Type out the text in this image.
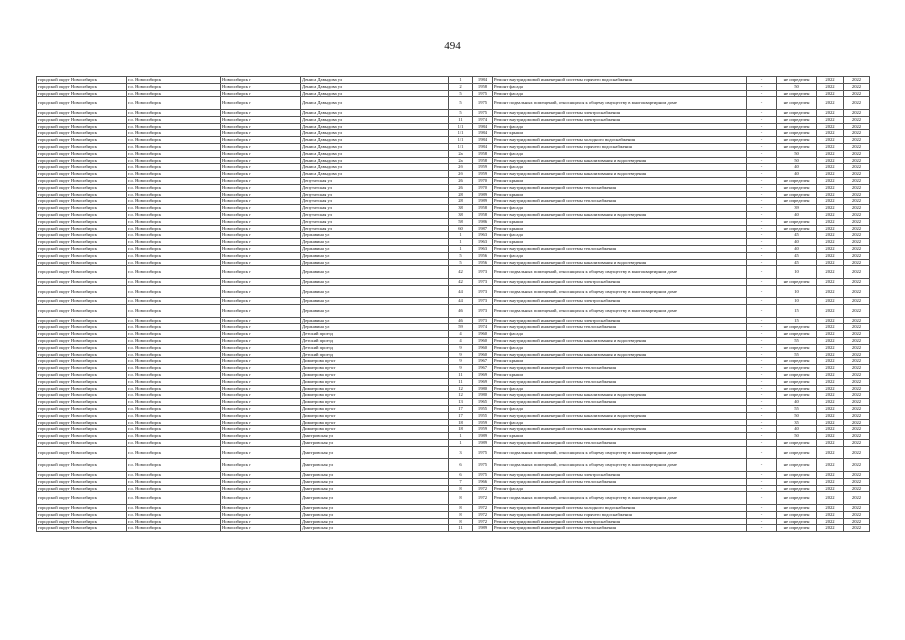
494
городской округ Новосибирск	г.о. Новосибирск	Новосибирск г	Дениса Давыдова ул	1	1984	Ремонт внутридомовой инженерной системы горячего водоснабжения	-	не определен	2022	2022
городской округ Новосибирск	г.о. Новосибирск	Новосибирск г	Дениса Давыдова ул	2	1958	Ремонт фасада	-	50	2022	2022
городской округ Новосибирск	г.о. Новосибирск	Новосибирск г	Дениса Давыдова ул	5	1975	Ремонт фасада	-	не определен	2022	2022
городской округ Новосибирск	г.о. Новосибирск	Новосибирск г	Дениса Давыдова ул	5	1975	Ремонт подвальных помещений, относящихся к общему имуществу в многоквартирном доме	-	не определен	2022	2022
городской округ Новосибирск	г.о. Новосибирск	Новосибирск г	Дениса Давыдова ул	5	1975	Ремонт внутридомовой инженерной системы электроснабжения	-	не определен	2022	2022
городской округ Новосибирск	г.о. Новосибирск	Новосибирск г	Дениса Давыдова ул	11	1974	Ремонт внутридомовой инженерной системы электроснабжения	-	не определен	2022	2022
городской округ Новосибирск	г.о. Новосибирск	Новосибирск г	Дениса Давыдова ул	1/1	1984	Ремонт фасада	-	не определен	2022	2022
городской округ Новосибирск	г.о. Новосибирск	Новосибирск г	Дениса Давыдова ул	1/1	1984	Ремонт крыши	-	не определен	2022	2022
городской округ Новосибирск	г.о. Новосибирск	Новосибирск г	Дениса Давыдова ул	1/1	1984	Ремонт внутридомовой инженерной системы холодного водоснабжения	-	не определен	2022	2022
городской округ Новосибирск	г.о. Новосибирск	Новосибирск г	Дениса Давыдова ул	1/1	1984	Ремонт внутридомовой инженерной системы горячего водоснабжения	-	не определен	2022	2022
городской округ Новосибирск	г.о. Новосибирск	Новосибирск г	Дениса Давыдова ул	2а	1958	Ремонт фасада	-	50	2022	2022
городской округ Новосибирск	г.о. Новосибирск	Новосибирск г	Дениса Давыдова ул	2а	1958	Ремонт внутридомовой инженерной системы канализования и водоотведения	-	50	2022	2022
городской округ Новосибирск	г.о. Новосибирск	Новосибирск г	Дениса Давыдова ул	2б	1959	Ремонт фасада	-	40	2022	2022
городской округ Новосибирск	г.о. Новосибирск	Новосибирск г	Дениса Давыдова ул	2б	1959	Ремонт внутридомовой инженерной системы канализования и водоотведения	-	40	2022	2022
городской округ Новосибирск	г.о. Новосибирск	Новосибирск г	Депутатская ул	26	1970	Ремонт крыши	-	не определен	2022	2022
городской округ Новосибирск	г.о. Новосибирск	Новосибирск г	Депутатская ул	26	1970	Ремонт внутридомовой инженерной системы теплоснабжения	-	не определен	2022	2022
городской округ Новосибирск	г.о. Новосибирск	Новосибирск г	Депутатская ул	28	1989	Ремонт крыши	-	не определен	2022	2022
городской округ Новосибирск	г.о. Новосибирск	Новосибирск г	Депутатская ул	28	1989	Ремонт внутридомовой инженерной системы теплоснабжения	-	не определен	2022	2022
городской округ Новосибирск	г.о. Новосибирск	Новосибирск г	Депутатская ул	38	1958	Ремонт фасада	-	39	2022	2022
городской округ Новосибирск	г.о. Новосибирск	Новосибирск г	Депутатская ул	38	1958	Ремонт внутридомовой инженерной системы канализования и водоотведения	-	40	2022	2022
городской округ Новосибирск	г.о. Новосибирск	Новосибирск г	Депутатская ул	58	1986	Ремонт крыши	-	не определен	2022	2022
городской округ Новосибирск	г.о. Новосибирск	Новосибирск г	Депутатская ул	60	1987	Ремонт крыши	-	не определен	2022	2022
городской округ Новосибирск	г.о. Новосибирск	Новосибирск г	Державина ул	1	1963	Ремонт фасада	-	45	2022	2022
городской округ Новосибирск	г.о. Новосибирск	Новосибирск г	Державина ул	1	1963	Ремонт крыши	-	40	2022	2022
городской округ Новосибирск	г.о. Новосибирск	Новосибирск г	Державина ул	1	1963	Ремонт внутридомовой инженерной системы теплоснабжения	-	40	2022	2022
городской округ Новосибирск	г.о. Новосибирск	Новосибирск г	Державина ул	5	1956	Ремонт фасада	-	45	2022	2022
городской округ Новосибирск	г.о. Новосибирск	Новосибирск г	Державина ул	5	1956	Ремонт внутридомовой инженерной системы канализования и водоотведения	-	45	2022	2022
городской округ Новосибирск	г.о. Новосибирск	Новосибирск г	Державина ул	42	1973	Ремонт подвальных помещений, относящихся к общему имуществу в многоквартирном доме	-	10	2022	2022
городской округ Новосибирск	г.о. Новосибирск	Новосибирск г	Державина ул	42	1973	Ремонт внутридомовой инженерной системы электроснабжения	-	не определен	2022	2022
городской округ Новосибирск	г.о. Новосибирск	Новосибирск г	Державина ул	44	1973	Ремонт подвальных помещений, относящихся к общему имуществу в многоквартирном доме	-	10	2022	2022
городской округ Новосибирск	г.о. Новосибирск	Новосибирск г	Державина ул	44	1973	Ремонт внутридомовой инженерной системы электроснабжения	-	10	2022	2022
городской округ Новосибирск	г.о. Новосибирск	Новосибирск г	Державина ул	46	1973	Ремонт подвальных помещений, относящихся к общему имуществу в многоквартирном доме	-	15	2022	2022
городской округ Новосибирск	г.о. Новосибирск	Новосибирск г	Державина ул	46	1973	Ремонт внутридомовой инженерной системы электроснабжения	-	15	2022	2022
городской округ Новосибирск	г.о. Новосибирск	Новосибирск г	Державина ул	59	1974	Ремонт внутридомовой инженерной системы теплоснабжения	-	не определен	2022	2022
городской округ Новосибирск	г.о. Новосибирск	Новосибирск г	Детский проезд	4	1960	Ремонт фасада	-	не определен	2022	2022
городской округ Новосибирск	г.о. Новосибирск	Новосибирск г	Детский проезд	4	1960	Ремонт внутридомовой инженерной системы канализования и водоотведения	-	55	2022	2022
городской округ Новосибирск	г.о. Новосибирск	Новосибирск г	Детский проезд	9	1960	Ремонт фасада	-	не определен	2022	2022
городской округ Новосибирск	г.о. Новосибирск	Новосибирск г	Детский проезд	9	1960	Ремонт внутридомовой инженерной системы канализования и водоотведения	-	55	2022	2022
городской округ Новосибирск	г.о. Новосибирск	Новосибирск г	Димитрова пр-кт	9	1967	Ремонт крыши	-	не определен	2022	2022
городской округ Новосибирск	г.о. Новосибирск	Новосибирск г	Димитрова пр-кт	9	1967	Ремонт внутридомовой инженерной системы теплоснабжения	-	не определен	2022	2022
городской округ Новосибирск	г.о. Новосибирск	Новосибирск г	Димитрова пр-кт	11	1969	Ремонт крыши	-	не определен	2022	2022
городской округ Новосибирск	г.о. Новосибирск	Новосибирск г	Димитрова пр-кт	11	1969	Ремонт внутридомовой инженерной системы теплоснабжения	-	не определен	2022	2022
городской округ Новосибирск	г.о. Новосибирск	Новосибирск г	Димитрова пр-кт	12	1980	Ремонт фасада	-	не определен	2022	2022
городской округ Новосибирск	г.о. Новосибирск	Новосибирск г	Димитрова пр-кт	12	1980	Ремонт внутридомовой инженерной системы канализования и водоотведения	-	не определен	2022	2022
городской округ Новосибирск	г.о. Новосибирск	Новосибирск г	Димитрова пр-кт	13	1965	Ремонт внутридомовой инженерной системы теплоснабжения	-	40	2022	2022
городской округ Новосибирск	г.о. Новосибирск	Новосибирск г	Димитрова пр-кт	17	1955	Ремонт фасада	-	55	2022	2022
городской округ Новосибирск	г.о. Новосибирск	Новосибирск г	Димитрова пр-кт	17	1955	Ремонт внутридомовой инженерной системы канализования и водоотведения	-	50	2022	2022
городской округ Новосибирск	г.о. Новосибирск	Новосибирск г	Димитрова пр-кт	18	1959	Ремонт фасада	-	35	2022	2022
городской округ Новосибирск	г.о. Новосибирск	Новосибирск г	Димитрова пр-кт	18	1959	Ремонт внутридомовой инженерной системы канализования и водоотведения	-	40	2022	2022
городской округ Новосибирск	г.о. Новосибирск	Новосибирск г	Дмитровская ул	1	1989	Ремонт крыши	-	50	2022	2022
городской округ Новосибирск	г.о. Новосибирск	Новосибирск г	Дмитровская ул	1	1989	Ремонт внутридомовой инженерной системы теплоснабжения	-	не определен	2022	2022
городской округ Новосибирск	г.о. Новосибирск	Новосибирск г	Дмитровская ул	3	1975	Ремонт подвальных помещений, относящихся к общему имуществу в многоквартирном доме	-	не определен	2022	2022
городской округ Новосибирск	г.о. Новосибирск	Новосибирск г	Дмитровская ул	6	1975	Ремонт подвальных помещений, относящихся к общему имуществу в многоквартирном доме	-	не определен	2022	2022
городской округ Новосибирск	г.о. Новосибирск	Новосибирск г	Дмитровская ул	6	1975	Ремонт внутридомовой инженерной системы электроснабжения	-	не определен	2022	2022
городской округ Новосибирск	г.о. Новосибирск	Новосибирск г	Дмитровская ул	7	1966	Ремонт внутридомовой инженерной системы теплоснабжения	-	не определен	2022	2022
городской округ Новосибирск	г.о. Новосибирск	Новосибирск г	Дмитровская ул	8	1972	Ремонт фасада	-	не определен	2022	2022
городской округ Новосибирск	г.о. Новосибирск	Новосибирск г	Дмитровская ул	8	1972	Ремонт подвальных помещений, относящихся к общему имуществу в многоквартирном доме	-	не определен	2022	2022
городской округ Новосибирск	г.о. Новосибирск	Новосибирск г	Дмитровская ул	8	1972	Ремонт внутридомовой инженерной системы холодного водоснабжения	-	не определен	2022	2022
городской округ Новосибирск	г.о. Новосибирск	Новосибирск г	Дмитровская ул	8	1972	Ремонт внутридомовой инженерной системы горячего водоснабжения	-	не определен	2022	2022
городской округ Новосибирск	г.о. Новосибирск	Новосибирск г	Дмитровская ул	8	1972	Ремонт внутридомовой инженерной системы электроснабжения	-	не определен	2022	2022
городской округ Новосибирск	г.о. Новосибирск	Новосибирск г	Дмитровская ул	11	1989	Ремонт внутридомовой инженерной системы теплоснабжения	-	не определен	2022	2022
